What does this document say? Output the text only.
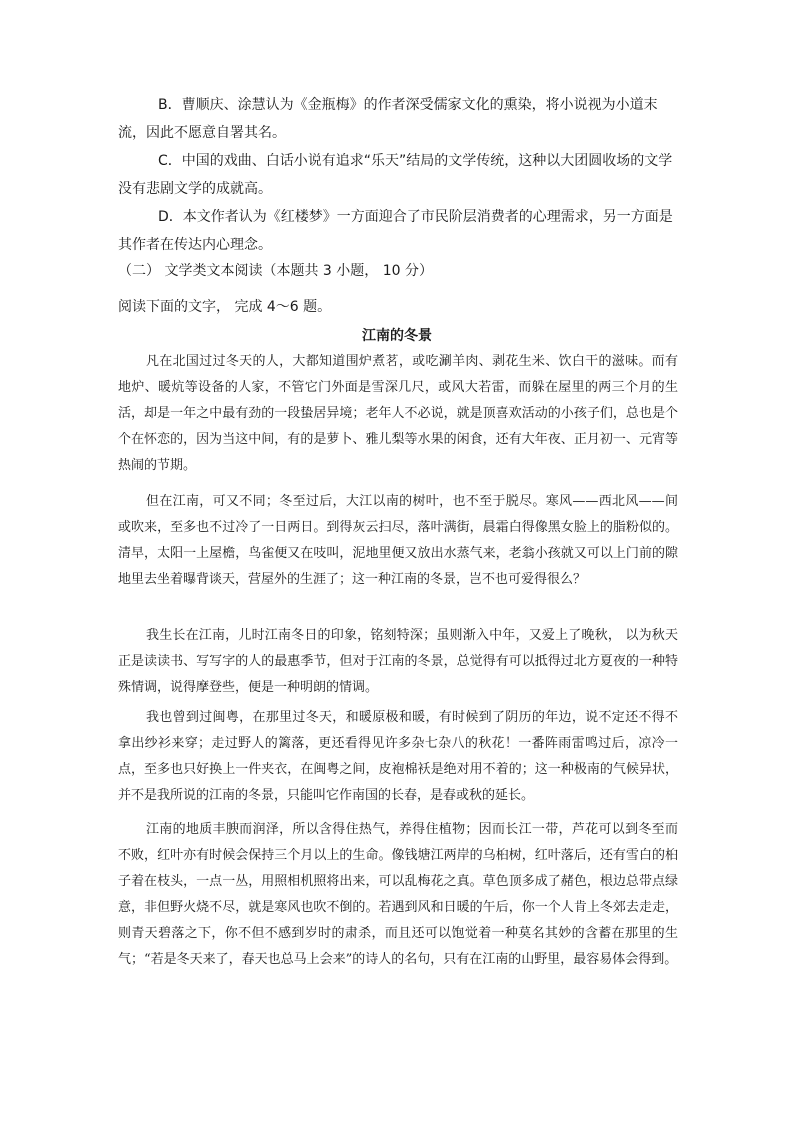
B．曹顺庆、涂慧认为《金瓶梅》的作者深受儒家文化的熏染，将小说视为小道末流，因此不愿意自署其名。

C．中国的戏曲、白话小说有追求“乐天”结局的文学传统，这种以大团圆收场的文学没有悲剧文学的成就高。

D．本文作者认为《红楼梦》一方面迎合了市民阶层消费者的心理需求，另一方面是其作者在传达内心理念。

（二） 文学类文本阅读（本题共 3 小题， 10 分）

阅读下面的文字， 完成 4～6 题。

江南的冬景

凡在北国过过冬天的人，大都知道围炉煮茗，或吃涮羊肉、剥花生米、饮白干的滋味。而有地炉、暖炕等设备的人家，不管它门外面是雪深几尺，或风大若雷，而躲在屋里的两三个月的生活，却是一年之中最有劲的一段蛰居异境；老年人不必说，就是顶喜欢活动的小孩子们，总也是个个在怀恋的，因为当这中间，有的是萝卜、雅儿梨等水果的闲食，还有大年夜、正月初一、元宵等热闹的节期。

但在江南，可又不同；冬至过后，大江以南的树叶，也不至于脱尽。寒风——西北风——间或吹来，至多也不过冷了一日两日。到得灰云扫尽，落叶满街，晨霜白得像黑女脸上的脂粉似的。清早，太阳一上屋檐，鸟雀便又在吱叫，泥地里便又放出水蒸气来，老翁小孩就又可以上门前的隙地里去坐着曝背谈天，营屋外的生涯了；这一种江南的冬景，岂不也可爱得很么？

我生长在江南，儿时江南冬日的印象，铭刻特深；虽则渐入中年，又爱上了晚秋， 以为秋天正是读读书、写写字的人的最惠季节，但对于江南的冬景，总觉得有可以抵得过北方夏夜的一种特殊情调，说得摩登些，便是一种明朗的情调。

我也曾到过闽粤，在那里过冬天，和暖原极和暖，有时候到了阴历的年边，说不定还不得不拿出纱衫来穿；走过野人的篱落，更还看得见许多杂七杂八的秋花！一番阵雨雷鸣过后，凉冷一点，至多也只好换上一件夹衣，在闽粤之间，皮袍棉袄是绝对用不着的；这一种极南的气候异状，并不是我所说的江南的冬景，只能叫它作南国的长春，是春或秋的延长。

江南的地质丰腴而润泽，所以含得住热气，养得住植物；因而长江一带，芦花可以到冬至而不败，红叶亦有时候会保持三个月以上的生命。像钱塘江两岸的乌桕树，红叶落后，还有雪白的桕子着在枝头，一点一丛，用照相机照将出来，可以乱梅花之真。草色顶多成了赭色，根边总带点绿意，非但野火烧不尽，就是寒风也吹不倒的。若遇到风和日暖的午后，你一个人肯上冬郊去走走，则青天碧落之下，你不但不感到岁时的肃杀，而且还可以饱觉着一种莫名其妙的含蓄在那里的生气；“若是冬天来了，春天也总马上会来”的诗人的名句，只有在江南的山野里，最容易体会得到。
